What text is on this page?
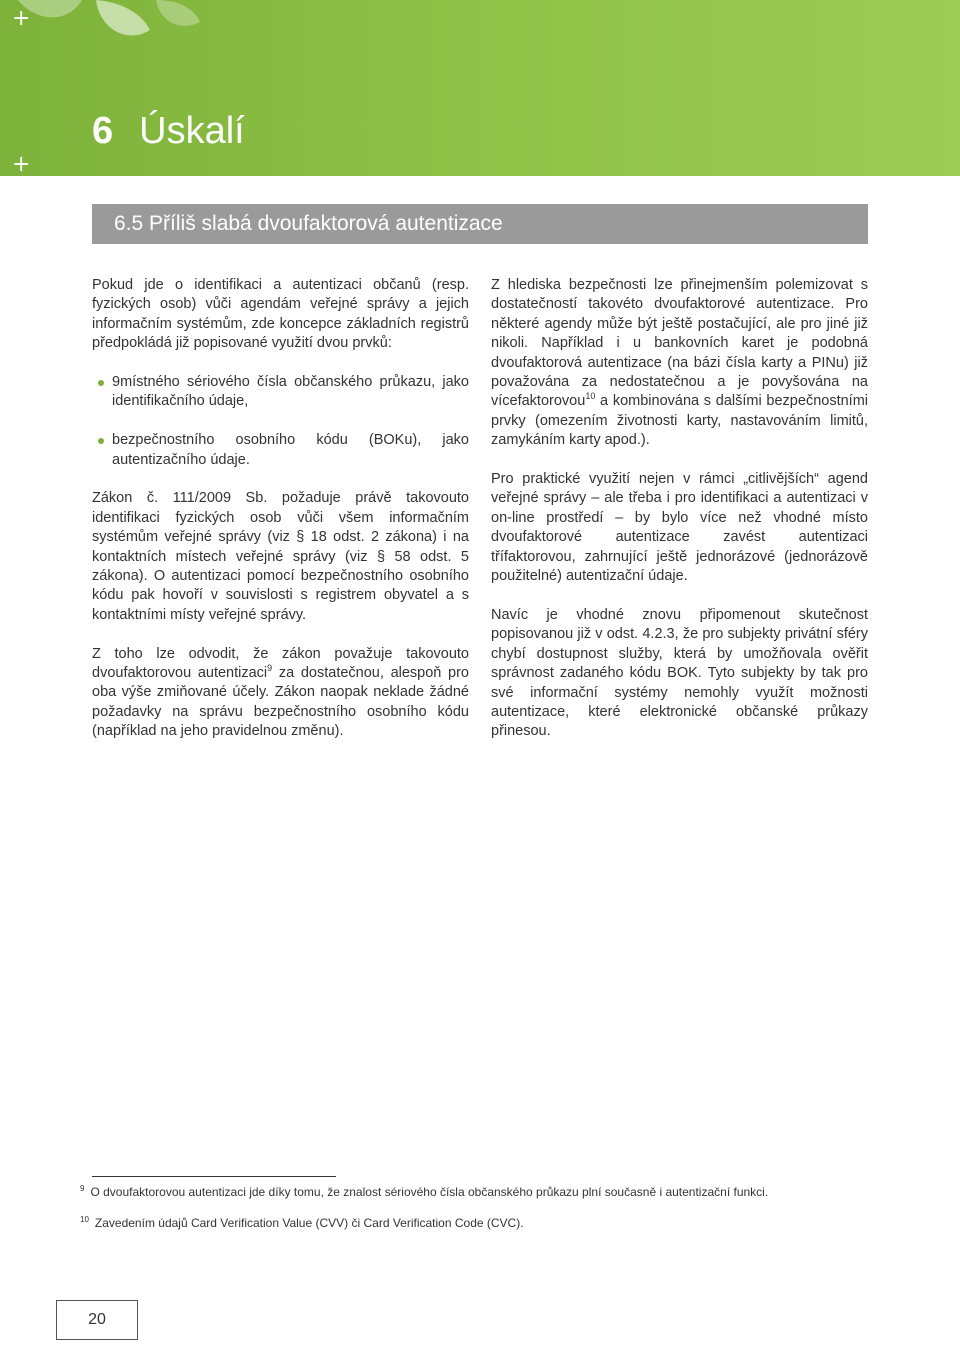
+
+
6 Úskalí
6.5 Příliš slabá dvoufaktorová autentizace

Pokud jde o identifikaci a autentizaci občanů (resp. fyzických osob) vůči agendám veřejné správy a jejich informačním systémům, zde koncepce základních registrů předpokládá již popisované využití dvou prvků:

9místného sériového čísla občanského průkazu, jako identifikačního údaje,
bezpečnostního osobního kódu (BOKu), jako autentizačního údaje.

Zákon č. 111/2009 Sb. požaduje právě takovouto identifikaci fyzických osob vůči všem informačním systémům veřejné správy (viz § 18 odst. 2 zákona) i na kontaktních místech veřejné správy (viz § 58 odst. 5 zákona). O autentizaci pomocí bezpečnostního osobního kódu pak hovoří v souvislosti s registrem obyvatel a s kontaktními místy veřejné správy.

Z toho lze odvodit, že zákon považuje takovouto dvoufaktorovou autentizaci$^9$ za dostatečnou, alespoň pro oba výše zmiňované účely. Zákon naopak neklade žádné požadavky na správu bezpečnostního osobního kódu (například na jeho pravidelnou změnu).

Z hlediska bezpečnosti lze přinejmenším polemizovat s dostatečností takovéto dvoufaktorové autentizace. Pro některé agendy může být ještě postačující, ale pro jiné již nikoli. Například i u bankovních karet je podobná dvoufaktorová autentizace (na bázi čísla karty a PINu) již považována za nedostatečnou a je povyšována na vícefaktorovou$^{10}$ a kombinována s dalšími bezpečnostními prvky (omezením životnosti karty, nastavováním limitů, zamykáním karty apod.).

Pro praktické využití nejen v rámci „citlivějších“ agend veřejné správy – ale třeba i pro identifikaci a autentizaci v on-line prostředí – by bylo více než vhodné místo dvoufaktorové autentizace zavést autentizaci třífaktorovou, zahrnující ještě jednorázové (jednorázově použitelné) autentizační údaje.

Navíc je vhodné znovu připomenout skutečnost popisovanou již v odst. 4.2.3, že pro subjekty privátní sféry chybí dostupnost služby, která by umožňovala ověřit správnost zadaného kódu BOK. Tyto subjekty by tak pro své informační systémy nemohly využít možnosti autentizace, které elektronické občanské průkazy přinesou.

$^9$ O dvoufaktorovou autentizaci jde díky tomu, že znalost sériového čísla občanského průkazu plní současně i autentizační funkci.
$^{10}$ Zavedením údajů Card Verification Value (CVV) či Card Verification Code (CVC).
20
